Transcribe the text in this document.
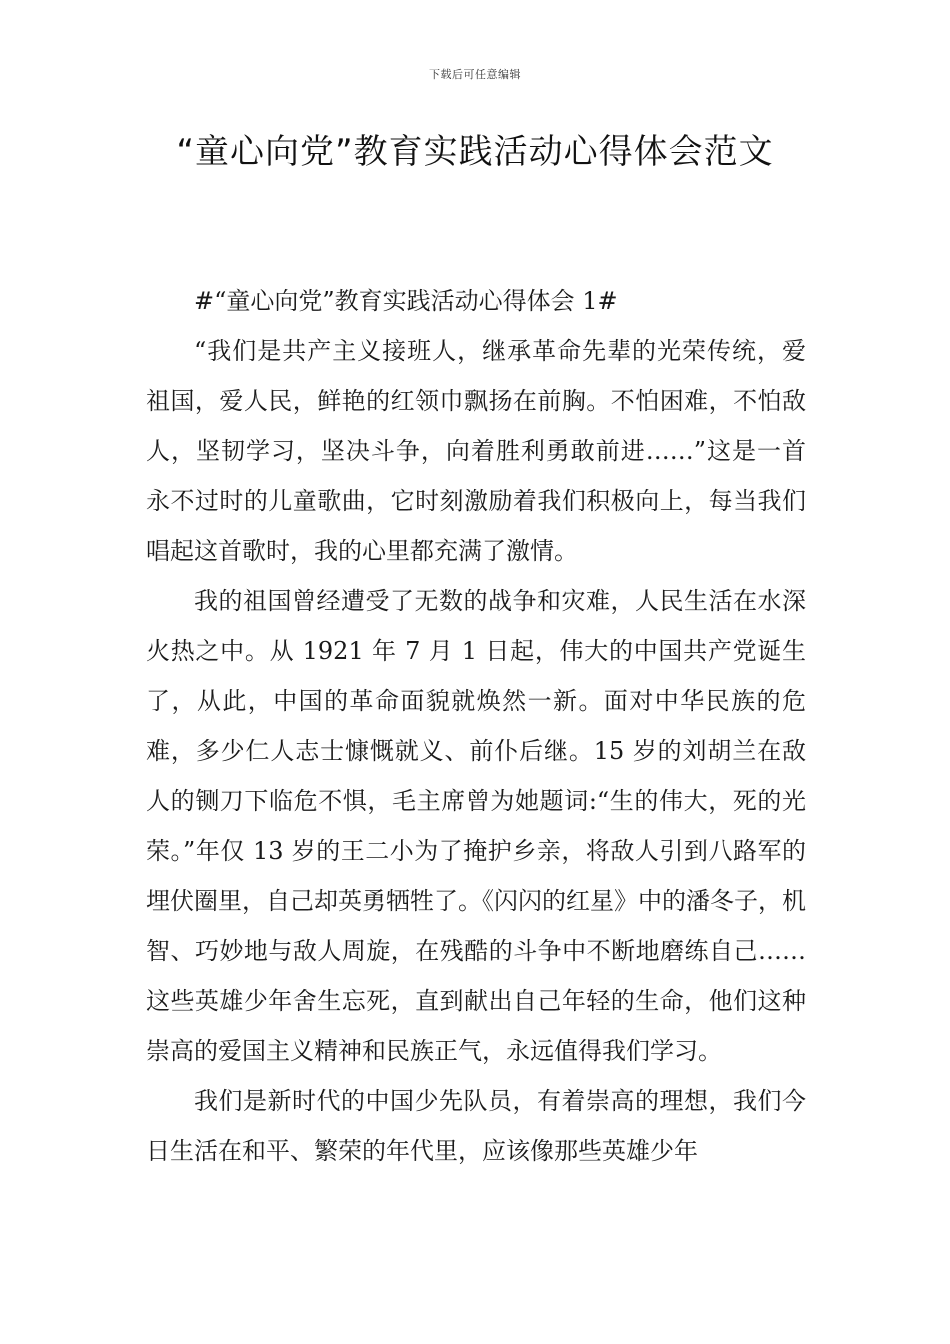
下载后可任意编辑
“童心向党”教育实践活动心得体会范文

#“童心向党”教育实践活动心得体会 1#

“我们是共产主义接班人，继承革命先辈的光荣传统，爱祖国，爱人民，鲜艳的红领巾飘扬在前胸。不怕困难，不怕敌人，坚韧学习，坚决斗争，向着胜利勇敢前进……”这是一首永不过时的儿童歌曲，它时刻激励着我们积极向上，每当我们唱起这首歌时，我的心里都充满了激情。

我的祖国曾经遭受了无数的战争和灾难，人民生活在水深火热之中。从 1921 年 7 月 1 日起，伟大的中国共产党诞生了，从此，中国的革命面貌就焕然一新。面对中华民族的危难，多少仁人志士慷慨就义、前仆后继。15 岁的刘胡兰在敌人的铡刀下临危不惧，毛主席曾为她题词:“生的伟大，死的光荣。”年仅 13 岁的王二小为了掩护乡亲，将敌人引到八路军的埋伏圈里，自己却英勇牺牲了。《闪闪的红星》中的潘冬子，机智、巧妙地与敌人周旋，在残酷的斗争中不断地磨练自己……这些英雄少年舍生忘死，直到献出自己年轻的生命，他们这种崇高的爱国主义精神和民族正气，永远值得我们学习。

我们是新时代的中国少先队员，有着崇高的理想，我们今日生活在和平、繁荣的年代里，应该像那些英雄少年
